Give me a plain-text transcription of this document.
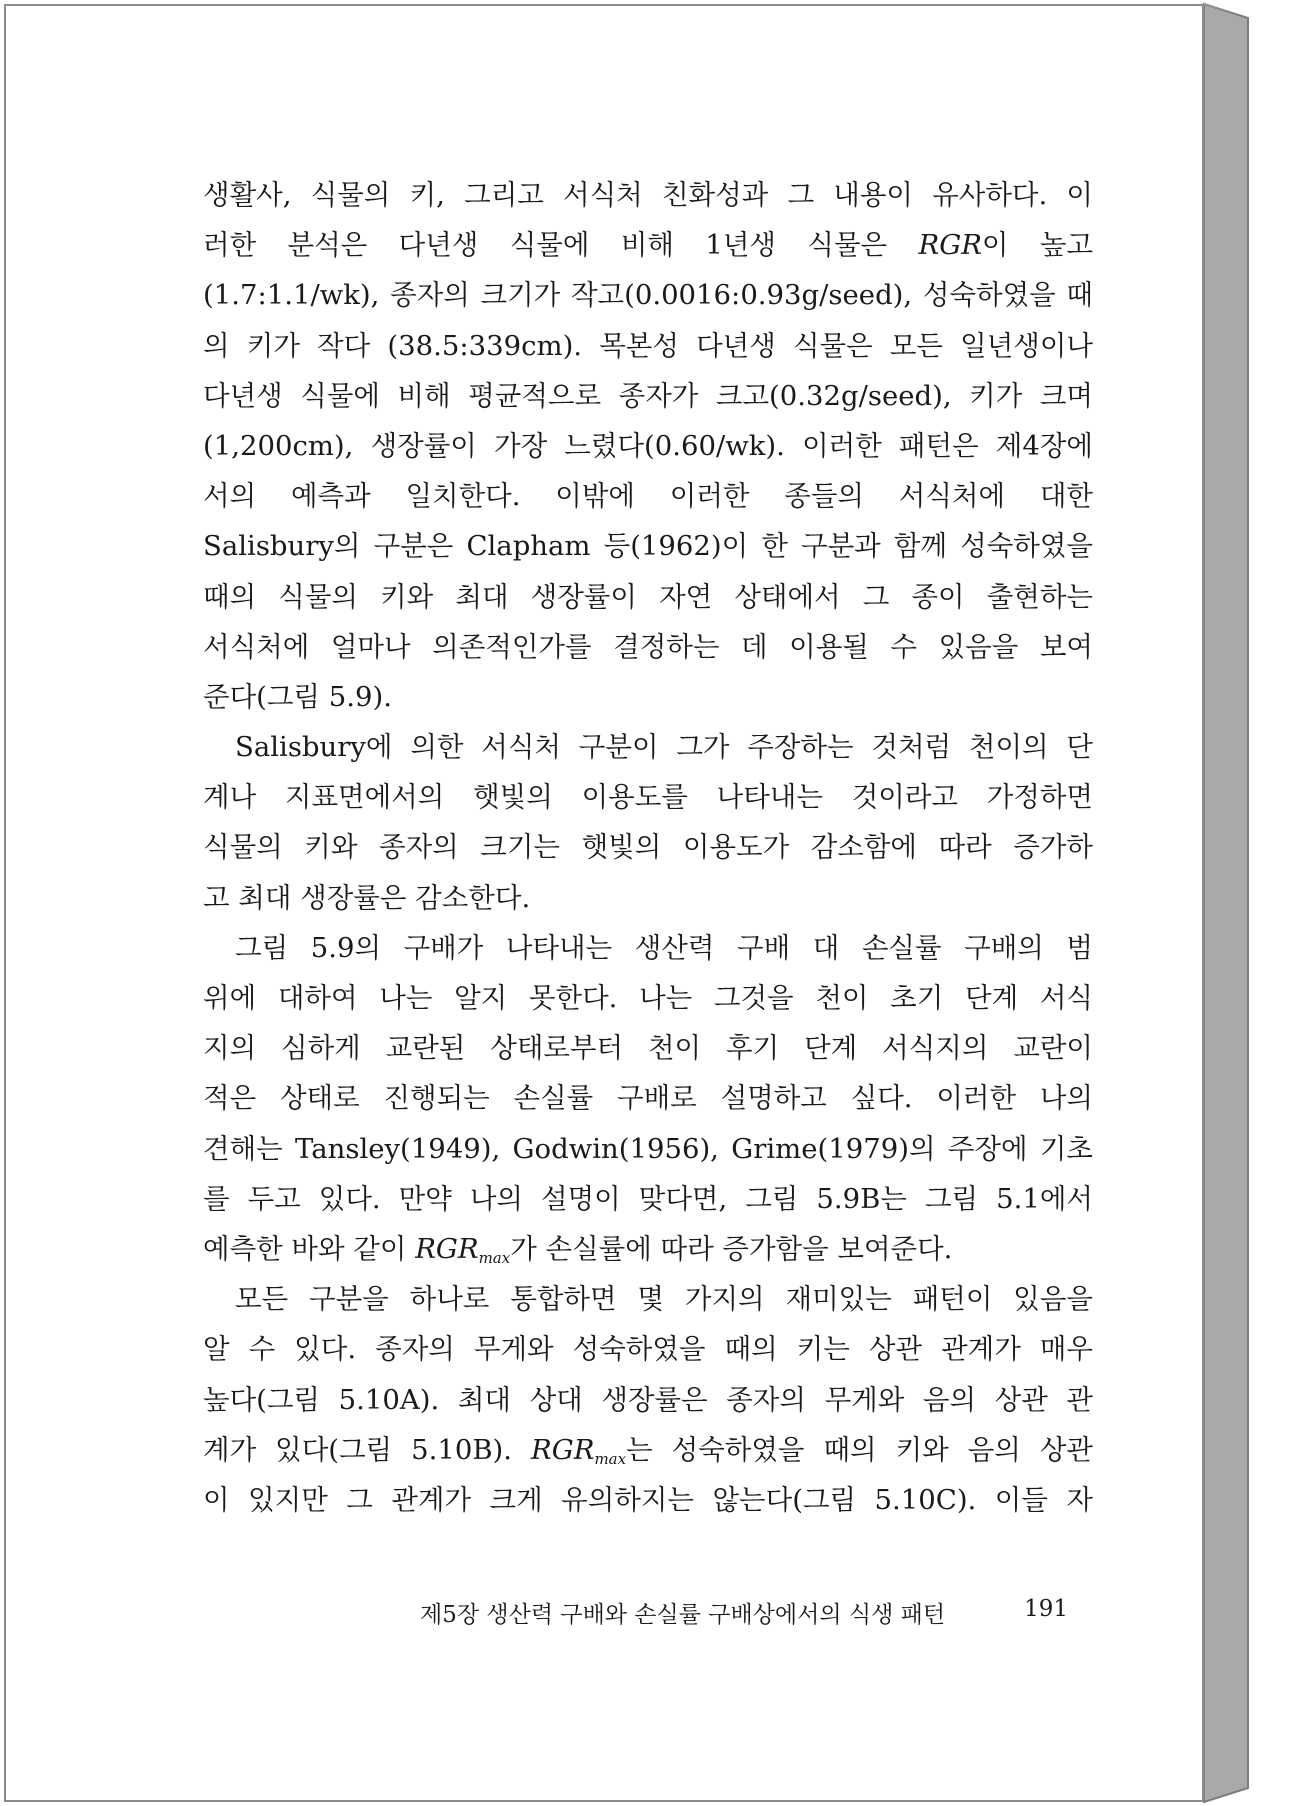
생활사, 식물의 키, 그리고 서식처 친화성과 그 내용이 유사하다. 이
러한 분석은 다년생 식물에 비해 1년생 식물은 RGR이 높고
(1.7:1.1/wk), 종자의 크기가 작고(0.0016:0.93g/seed), 성숙하였을 때
의 키가 작다 (38.5:339cm). 목본성 다년생 식물은 모든 일년생이나
다년생 식물에 비해 평균적으로 종자가 크고(0.32g/seed), 키가 크며
(1,200cm), 생장률이 가장 느렸다(0.60/wk). 이러한 패턴은 제4장에
서의 예측과 일치한다. 이밖에 이러한 종들의 서식처에 대한
Salisbury의 구분은 Clapham 등(1962)이 한 구분과 함께 성숙하였을
때의 식물의 키와 최대 생장률이 자연 상태에서 그 종이 출현하는
서식처에 얼마나 의존적인가를 결정하는 데 이용될 수 있음을 보여
준다(그림 5.9).
Salisbury에 의한 서식처 구분이 그가 주장하는 것처럼 천이의 단
계나 지표면에서의 햇빛의 이용도를 나타내는 것이라고 가정하면
식물의 키와 종자의 크기는 햇빛의 이용도가 감소함에 따라 증가하
고 최대 생장률은 감소한다.
그림 5.9의 구배가 나타내는 생산력 구배 대 손실률 구배의 범
위에 대하여 나는 알지 못한다. 나는 그것을 천이 초기 단계 서식
지의 심하게 교란된 상태로부터 천이 후기 단계 서식지의 교란이
적은 상태로 진행되는 손실률 구배로 설명하고 싶다. 이러한 나의
견해는 Tansley(1949), Godwin(1956), Grime(1979)의 주장에 기초
를 두고 있다. 만약 나의 설명이 맞다면, 그림 5.9B는 그림 5.1에서
예측한 바와 같이 $RGR_{max}$가 손실률에 따라 증가함을 보여준다.
모든 구분을 하나로 통합하면 몇 가지의 재미있는 패턴이 있음을
알 수 있다. 종자의 무게와 성숙하였을 때의 키는 상관 관계가 매우
높다(그림 5.10A). 최대 상대 생장률은 종자의 무게와 음의 상관 관
계가 있다(그림 5.10B). $RGR_{max}$는 성숙하였을 때의 키와 음의 상관
이 있지만 그 관계가 크게 유의하지는 않는다(그림 5.10C). 이들 자
제5장 생산력 구배와 손실률 구배상에서의 식생 패턴	191
